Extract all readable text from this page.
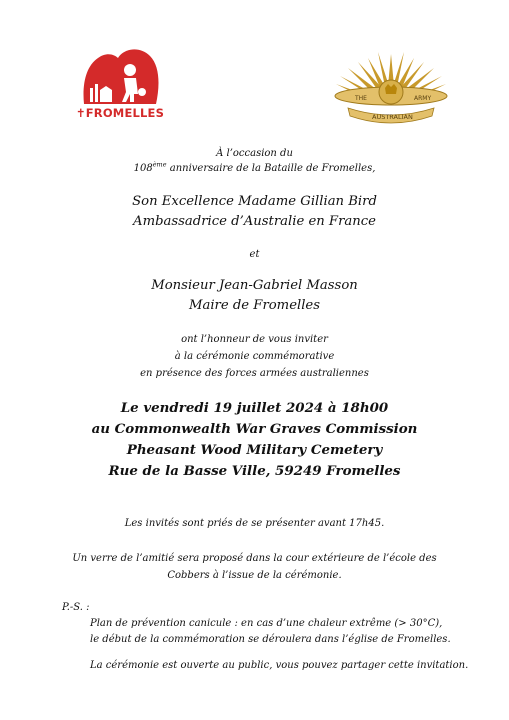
✝FROMELLES
THE	ARMY
AUSTRALIAN
À l’occasion du
108ème anniversaire de la Bataille de Fromelles,
Son Excellence Madame Gillian Bird
Ambassadrice d’Australie en France
et
Monsieur Jean-Gabriel Masson
Maire de Fromelles
ont l’honneur de vous inviter
à la cérémonie commémorative
en présence des forces armées australiennes
Le vendredi 19 juillet 2024 à 18h00
au Commonwealth War Graves Commission
Pheasant Wood Military Cemetery
Rue de la Basse Ville, 59249 Fromelles
Les invités sont priés de se présenter avant 17h45.
Un verre de l’amitié sera proposé dans la cour extérieure de l’école des
Cobbers à l’issue de la cérémonie.
P.-S. :
Plan de prévention canicule : en cas d’une chaleur extrême (> 30°C),
le début de la commémoration se déroulera dans l’église de Fromelles.
La cérémonie est ouverte au public, vous pouvez partager cette invitation.
